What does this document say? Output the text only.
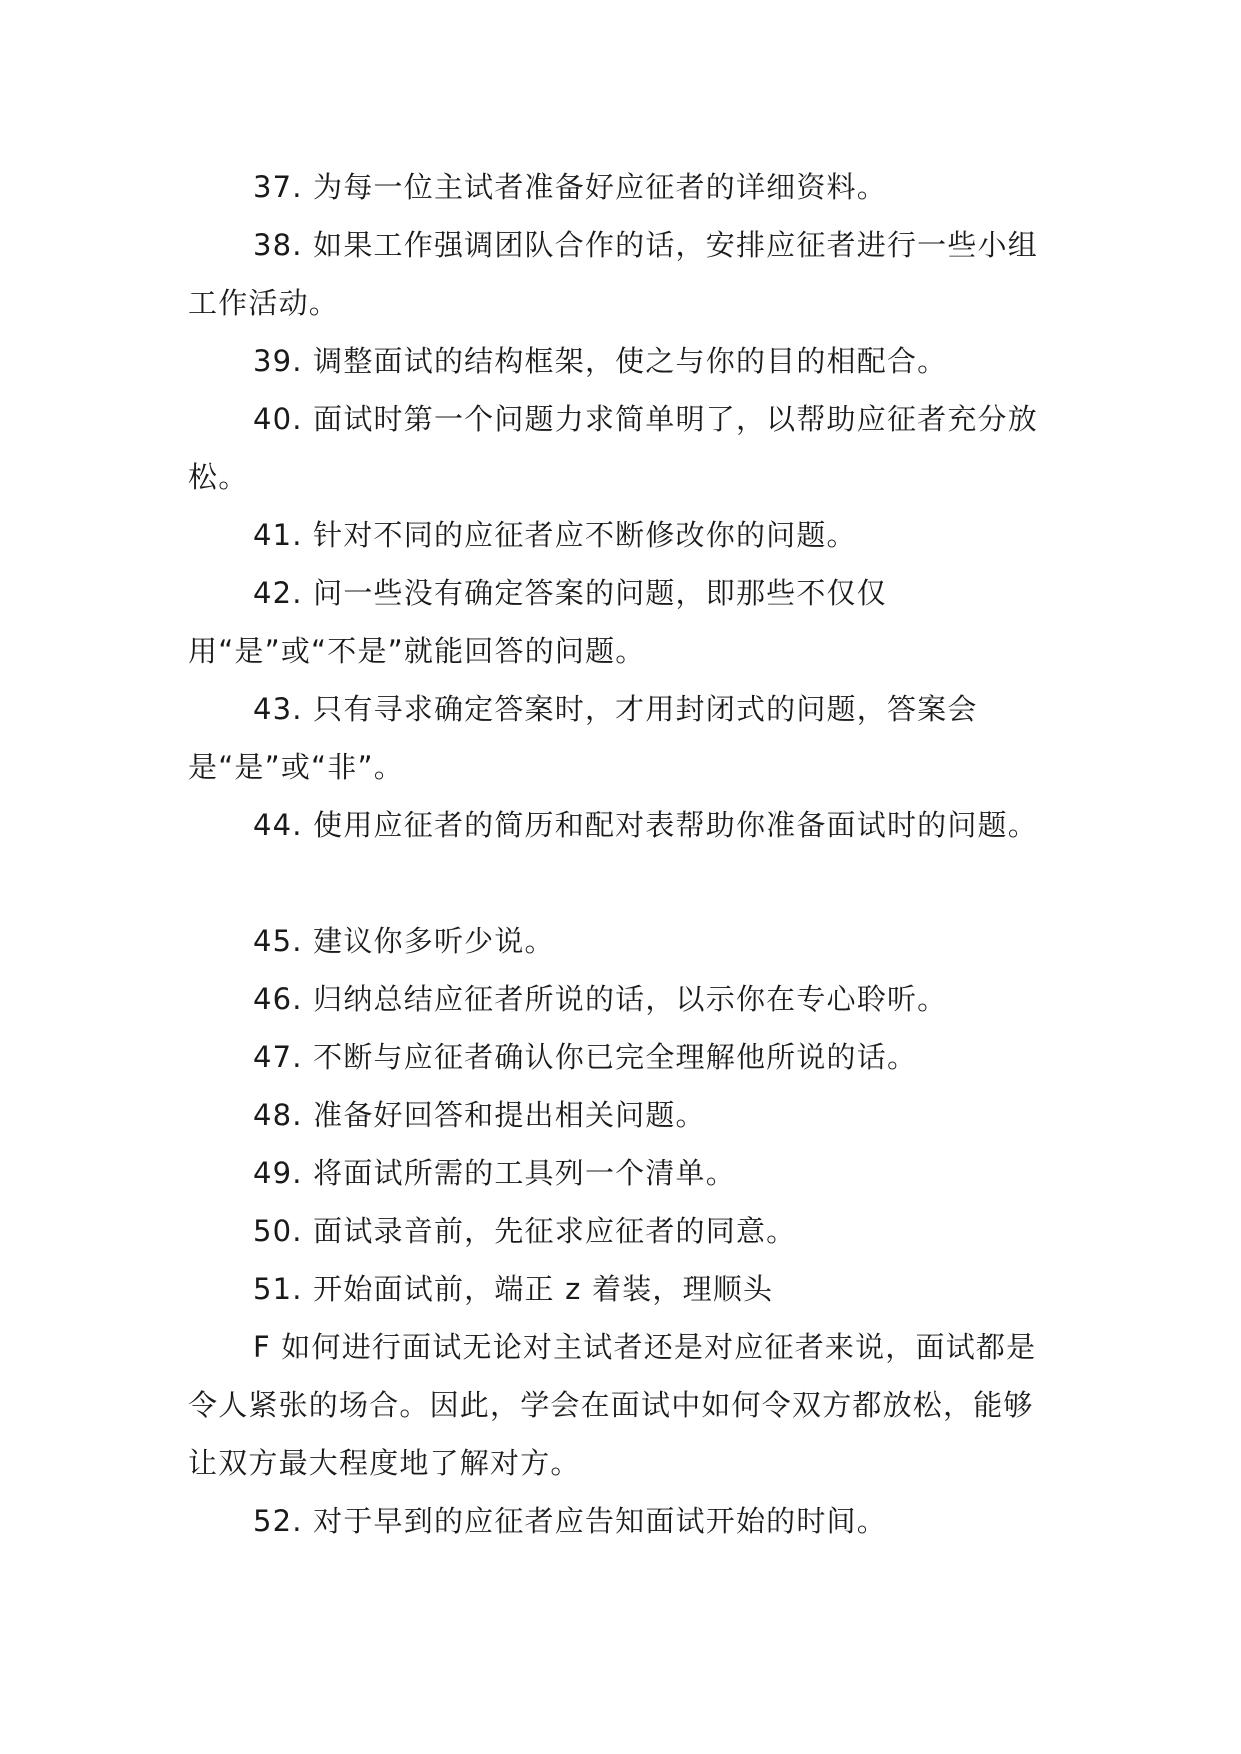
37. 为每一位主试者准备好应征者的详细资料。

38. 如果工作强调团队合作的话，安排应征者进行一些小组工作活动。

39. 调整面试的结构框架，使之与你的目的相配合。

40. 面试时第一个问题力求简单明了，以帮助应征者充分放松。

41. 针对不同的应征者应不断修改你的问题。

42. 问一些没有确定答案的问题，即那些不仅仅用“是”或“不是”就能回答的问题。

43. 只有寻求确定答案时，才用封闭式的问题，答案会是“是”或“非”。

44. 使用应征者的简历和配对表帮助你准备面试时的问题。

45. 建议你多听少说。

46. 归纳总结应征者所说的话，以示你在专心聆听。

47. 不断与应征者确认你已完全理解他所说的话。

48. 准备好回答和提出相关问题。

49. 将面试所需的工具列一个清单。

50. 面试录音前，先征求应征者的同意。

51. 开始面试前，端正 z 着装，理顺头

F 如何进行面试无论对主试者还是对应征者来说，面试都是令人紧张的场合。因此，学会在面试中如何令双方都放松，能够让双方最大程度地了解对方。

52. 对于早到的应征者应告知面试开始的时间。
